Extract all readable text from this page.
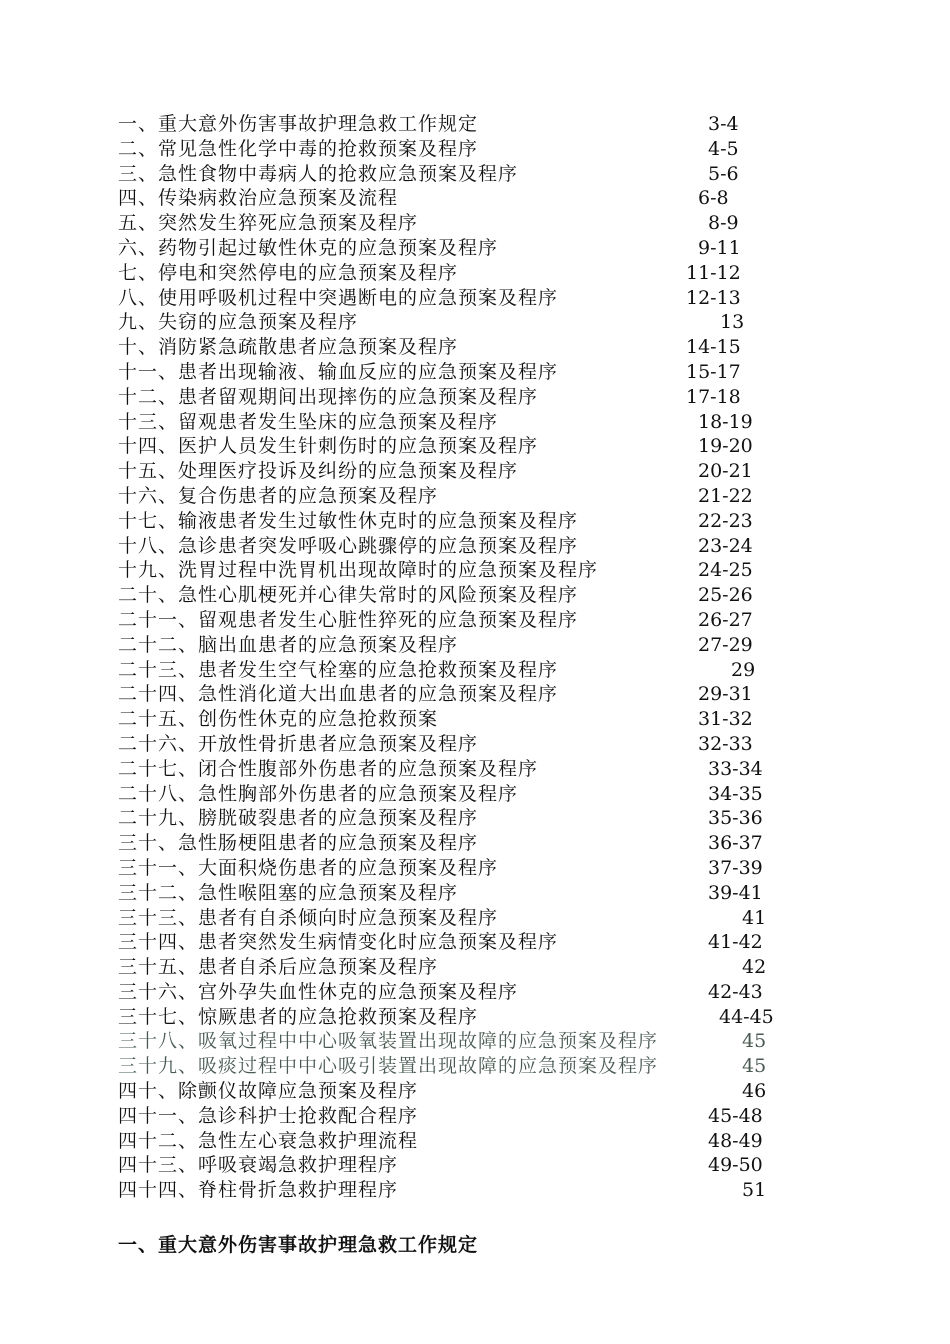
一、重大意外伤害事故护理急救工作规定	3-4
二、常见急性化学中毒的抢救预案及程序	4-5
三、急性食物中毒病人的抢救应急预案及程序	5-6
四、传染病救治应急预案及流程	6-8
五、突然发生猝死应急预案及程序	8-9
六、药物引起过敏性休克的应急预案及程序	9-11
七、停电和突然停电的应急预案及程序	11-12
八、使用呼吸机过程中突遇断电的应急预案及程序	12-13
九、失窃的应急预案及程序	13
十、消防紧急疏散患者应急预案及程序	14-15
十一、患者出现输液、输血反应的应急预案及程序	15-17
十二、患者留观期间出现摔伤的应急预案及程序	17-18
十三、留观患者发生坠床的应急预案及程序	18-19
十四、医护人员发生针刺伤时的应急预案及程序	19-20
十五、处理医疗投诉及纠纷的应急预案及程序	20-21
十六、复合伤患者的应急预案及程序	21-22
十七、输液患者发生过敏性休克时的应急预案及程序	22-23
十八、急诊患者突发呼吸心跳骤停的应急预案及程序	23-24
十九、洗胃过程中洗胃机出现故障时的应急预案及程序	24-25
二十、急性心肌梗死并心律失常时的风险预案及程序	25-26
二十一、留观患者发生心脏性猝死的应急预案及程序	26-27
二十二、脑出血患者的应急预案及程序	27-29
二十三、患者发生空气栓塞的应急抢救预案及程序	29
二十四、急性消化道大出血患者的应急预案及程序	29-31
二十五、创伤性休克的应急抢救预案	31-32
二十六、开放性骨折患者应急预案及程序	32-33
二十七、闭合性腹部外伤患者的应急预案及程序	33-34
二十八、急性胸部外伤患者的应急预案及程序	34-35
二十九、膀胱破裂患者的应急预案及程序	35-36
三十、急性肠梗阻患者的应急预案及程序	36-37
三十一、大面积烧伤患者的应急预案及程序	37-39
三十二、急性喉阻塞的应急预案及程序	39-41
三十三、患者有自杀倾向时应急预案及程序	41
三十四、患者突然发生病情变化时应急预案及程序	41-42
三十五、患者自杀后应急预案及程序	42
三十六、宫外孕失血性休克的应急预案及程序	42-43
三十七、惊厥患者的应急抢救预案及程序	44-45
三十八、吸氧过程中中心吸氧装置出现故障的应急预案及程序	45
三十九、吸痰过程中中心吸引装置出现故障的应急预案及程序	45
四十、除颤仪故障应急预案及程序	46
四十一、急诊科护士抢救配合程序	45-48
四十二、急性左心衰急救护理流程	48-49
四十三、呼吸衰竭急救护理程序	49-50
四十四、脊柱骨折急救护理程序	51
一、重大意外伤害事故护理急救工作规定
